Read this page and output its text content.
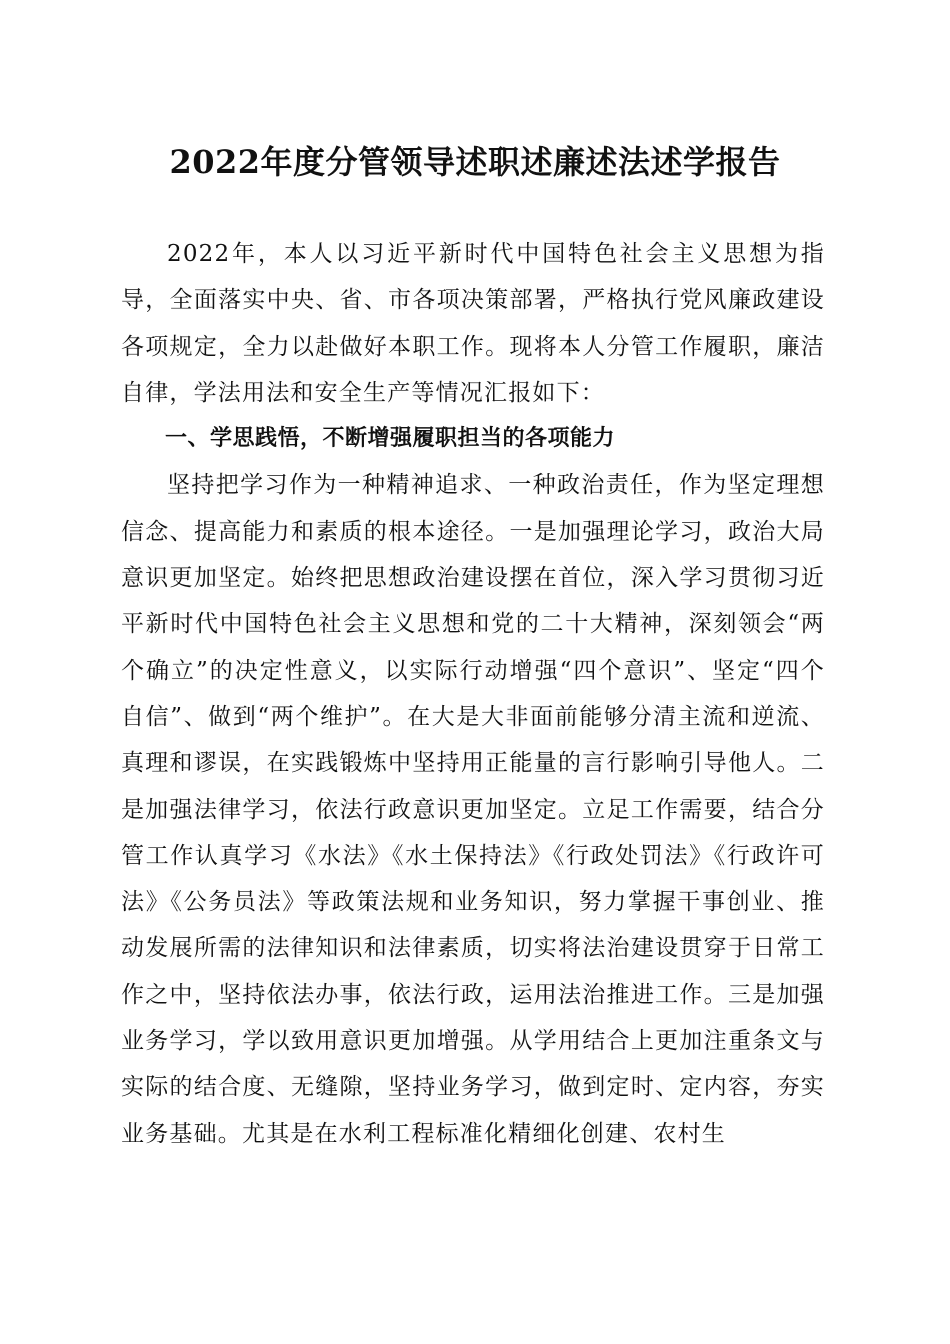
2022年度分管领导述职述廉述法述学报告

2022年，本人以习近平新时代中国特色社会主义思想为指导，全面落实中央、省、市各项决策部署，严格执行党风廉政建设各项规定，全力以赴做好本职工作。现将本人分管工作履职，廉洁自律，学法用法和安全生产等情况汇报如下：

一、学思践悟，不断增强履职担当的各项能力

坚持把学习作为一种精神追求、一种政治责任，作为坚定理想信念、提高能力和素质的根本途径。一是加强理论学习，政治大局意识更加坚定。始终把思想政治建设摆在首位，深入学习贯彻习近平新时代中国特色社会主义思想和党的二十大精神，深刻领会“两个确立”的决定性意义，以实际行动增强“四个意识”、坚定“四个自信”、做到“两个维护”。在大是大非面前能够分清主流和逆流、真理和谬误，在实践锻炼中坚持用正能量的言行影响引导他人。二是加强法律学习，依法行政意识更加坚定。立足工作需要，结合分管工作认真学习《水法》《水土保持法》《行政处罚法》《行政许可法》《公务员法》等政策法规和业务知识，努力掌握干事创业、推动发展所需的法律知识和法律素质，切实将法治建设贯穿于日常工作之中，坚持依法办事，依法行政，运用法治推进工作。三是加强业务学习，学以致用意识更加增强。从学用结合上更加注重条文与实际的结合度、无缝隙，坚持业务学习，做到定时、定内容，夯实业务基础。尤其是在水利工程标准化精细化创建、农村生
